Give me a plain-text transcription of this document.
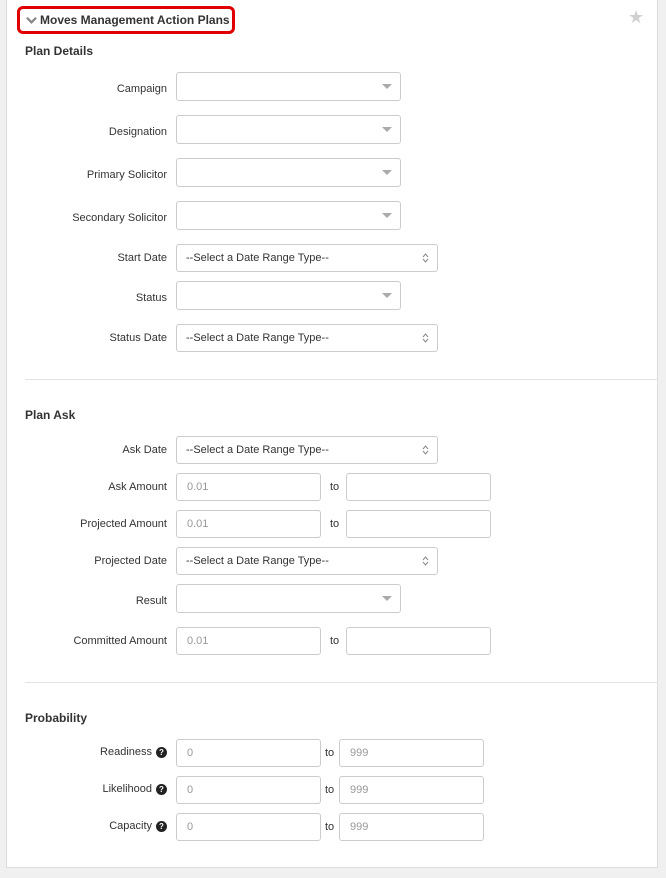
Moves Management Action Plans	★
Plan Details
Campaign
Designation
Primary Solicitor
Secondary Solicitor
Start Date	--Select a Date Range Type--
Status
Status Date	--Select a Date Range Type--
Plan Ask
Ask Date	--Select a Date Range Type--
Ask Amount	0.01	to
Projected Amount	0.01	to
Projected Date	--Select a Date Range Type--
Result
Committed Amount	0.01	to
Probability
Readiness ?	0	to	999
Likelihood ?	0	to	999
Capacity ?	0	to	999
